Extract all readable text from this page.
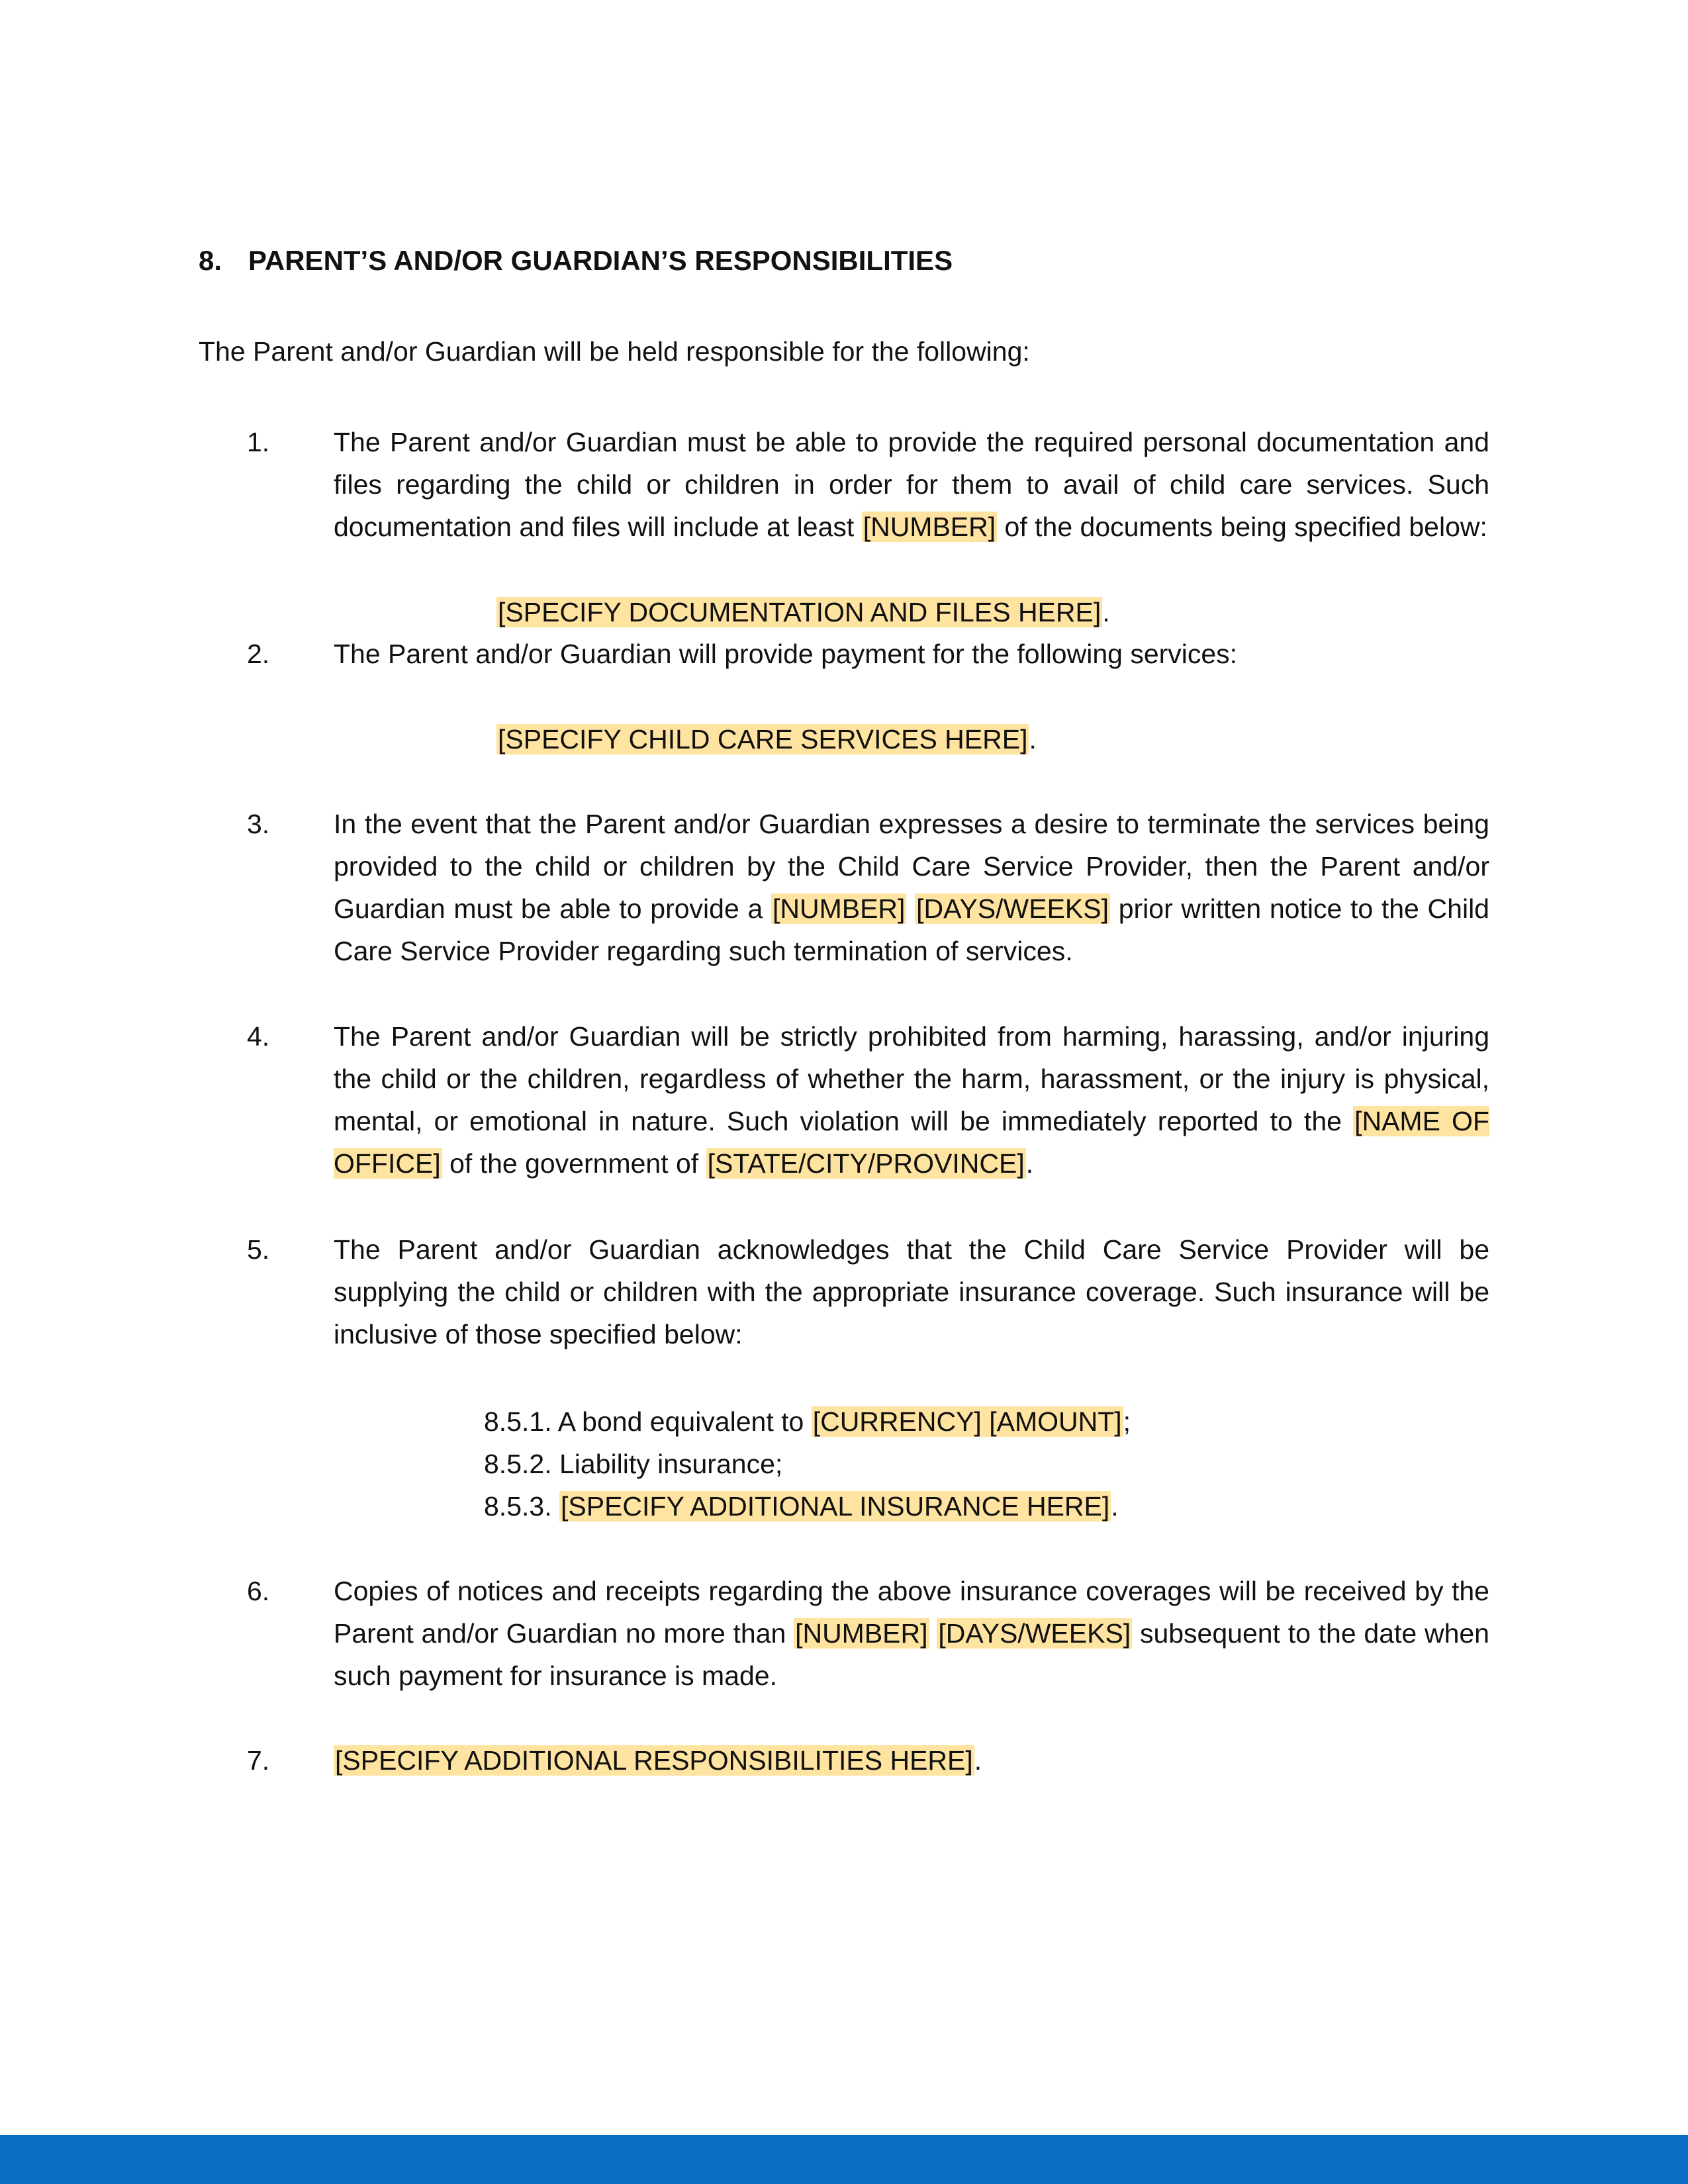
8. PARENT’S AND/OR GUARDIAN’S RESPONSIBILITIES
The Parent and/or Guardian will be held responsible for the following:
1.	The Parent and/or Guardian must be able to provide the required personal documentation and files regarding the child or children in order for them to avail of child care services. Such documentation and files will include at least [NUMBER] of the documents being specified below:
[SPECIFY DOCUMENTATION AND FILES HERE].
2.	The Parent and/or Guardian will provide payment for the following services:
[SPECIFY CHILD CARE SERVICES HERE].
3.	In the event that the Parent and/or Guardian expresses a desire to terminate the services being provided to the child or children by the Child Care Service Provider, then the Parent and/or Guardian must be able to provide a [NUMBER] [DAYS/WEEKS] prior written notice to the Child Care Service Provider regarding such termination of services.
4.	The Parent and/or Guardian will be strictly prohibited from harming, harassing, and/or injuring the child or the children, regardless of whether the harm, harassment, or the injury is physical, mental, or emotional in nature. Such violation will be immediately reported to the [NAME OF OFFICE] of the government of [STATE/CITY/PROVINCE].
5.	The Parent and/or Guardian acknowledges that the Child Care Service Provider will be supplying the child or children with the appropriate insurance coverage. Such insurance will be inclusive of those specified below:
8.5.1. A bond equivalent to [CURRENCY] [AMOUNT];
8.5.2. Liability insurance;
8.5.3. [SPECIFY ADDITIONAL INSURANCE HERE].
6.	Copies of notices and receipts regarding the above insurance coverages will be received by the Parent and/or Guardian no more than [NUMBER] [DAYS/WEEKS] subsequent to the date when such payment for insurance is made.
7.	[SPECIFY ADDITIONAL RESPONSIBILITIES HERE].
